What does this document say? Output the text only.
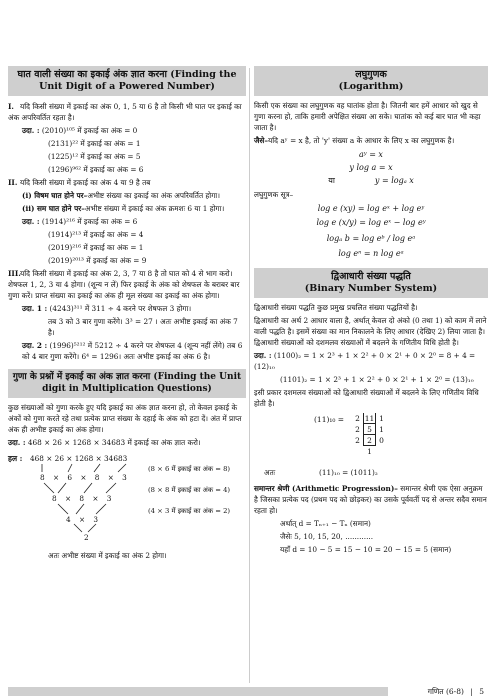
घात वाली संख्या का इकाई अंक ज्ञात करना (Finding the Unit Digit of a Powered Number)
I. यदि किसी संख्या में इकाई का अंक 0, 1, 5 या 6 है तो किसी भी घात पर इकाई का अंक अपरिवर्तित रहता है।
उदा. : (2010)¹⁰⁵ में इकाई का अंक = 0
(2131)²² में इकाई का अंक = 1
(1225)¹² में इकाई का अंक = 5
(1296)⁹⁶² में इकाई का अंक = 6
II. यदि किसी संख्या में इकाई का अंक 4 या 9 है तब
(i) विषम घात होने पर–अभीष्ट संख्या का इकाई का अंक अपरिवर्तित होगा।
(ii) सम घात होने पर–अभीष्ट संख्या में इकाई का अंक क्रमशः 6 या 1 होगा।
उदा. : (1914)²¹⁶ में इकाई का अंक = 6
(1914)²¹³ में इकाई का अंक = 4
(2019)²¹⁶ में इकाई का अंक = 1
(2019)²⁰¹³ में इकाई का अंक = 9
III.यदि किसी संख्या में इकाई का अंक 2, 3, 7 या 8 है तो घात को 4 से भाग करो। शेषफल 1, 2, 3 या 4 होगा। (शून्य न लें) फिर इकाई के अंक को शेषफल के बराबर बार गुणा करें। प्राप्त संख्या का इकाई का अंक ही मूल संख्या का इकाई का अंक होगा।
उदा. 1 : (4243)³¹¹ में 311 ÷ 4 करने पर शेषफल 3 होगा।
तब 3 को 3 बार गुणा करेंगे। 3³ = 27 । अतः अभीष्ट इकाई का अंक 7 है।
उदा. 2 : (1996)⁵²¹² में 5212 ÷ 4 करने पर शेषफल 4 (शून्य नहीं लेंगे) तब 6 को 4 बार गुणा करेंगे। 6⁴ = 1296। अतः अभीष्ट इकाई का अंक 6 है।
गुणा के प्रश्नों में इकाई का अंक ज्ञात करना (Finding the Unit digit in Multiplication Questions)
कुछ संख्याओं को गुणा करके हुए यदि इकाई का अंक ज्ञात करना हो, तो केवल इकाई के अंकों को गुणा करते रहे तथा प्रत्येक प्राप्त संख्या के दहाई के अंक को हटा दें। अंत में प्राप्त अंक ही अभीष्ट इकाई का अंक होगा।
उदा. : 468 × 26 × 1268 × 34683 में इकाई का अंक ज्ञात करो।
हल : 468 × 26 × 1268 × 34683
8 × 6 × 8 × 3
8 × 8 × 3
4 × 3
2
(8 × 6 में इकाई का अंक = 8)
(8 × 8 में इकाई का अंक = 4)
(4 × 3 में इकाई का अंक = 2)
अतः अभीष्ट संख्या में इकाई का अंक 2 होगा।
लघुगुणक
(Logarithm)
किसी एक संख्या का लघुगुणक वह घातांक होता है। जितनी बार हमें आधार को खुद से गुणा करना हो, ताकि हमारी अपेक्षित संख्या आ सके। घातांक को कई बार घात भी कहा जाता है।
जैसे–यदि aʸ = x है, तो 'y' संख्या a के आधार के लिए x का लघुगुणक है।
aʸ = x
y log a = x
या	y = logₐ x
लघुगुणक सूत्र–
log e (xy) = log eˣ + log eʸ
log e (x/y) = log eˣ − log eʸ
logₐ b = log eᵇ / log eᵃ
log eⁿ = n log eᵃ
द्विआधारी संख्या पद्धति
(Binary Number System)
द्विआधारी संख्या पद्धति कुछ प्रमुख प्रचलित संख्या पद्धतियों है।
द्विआधारी का अर्थ 2 आधार वाला है, अर्थात् केवल दो अंको (0 तथा 1) को काम में लाने वाली पद्धति है। इसमें संख्या का मान निकालने के लिए आधार (देखिए 2) लिया जाता है। द्विआधारी संख्याओं को दशमलव संख्याओं में बदलने के गणितीय विधि होती है।
उदा. : (1100)₂ = 1 × 2³ + 1 × 2² + 0 × 2¹ + 0 × 2⁰ = 8 + 4 = (12)₁₀
(1101)₂ = 1 × 2³ + 1 × 2² + 0 × 2¹ + 1 × 2⁰ = (13)₁₀
इसी प्रकार दशमलव संख्याओं को द्विआधारी संख्याओं में बदलने के लिए गणितीय विधि होती है।
(11)₁₀ = 2	11	1
2	5	1
2	2	0
	1	
अतः	(11)₁₀ = (1011)₂
समान्तर श्रेणी (Arithmetic Progression)– समान्तर श्रेणी एक ऐसा अनुक्रम है जिसका प्रत्येक पद (प्रथम पद को छोड़कर) का उसके पूर्ववर्ती पद से अन्तर सदैव समान रहता हो।
अर्थात् d = Tₙ₊₁ − Tₙ (समान)
जैसेः 5, 10, 15, 20, ............
यहाँ d = 10 − 5 = 15 − 10 = 20 − 15 = 5 (समान)
गणित (6-8) | 5
